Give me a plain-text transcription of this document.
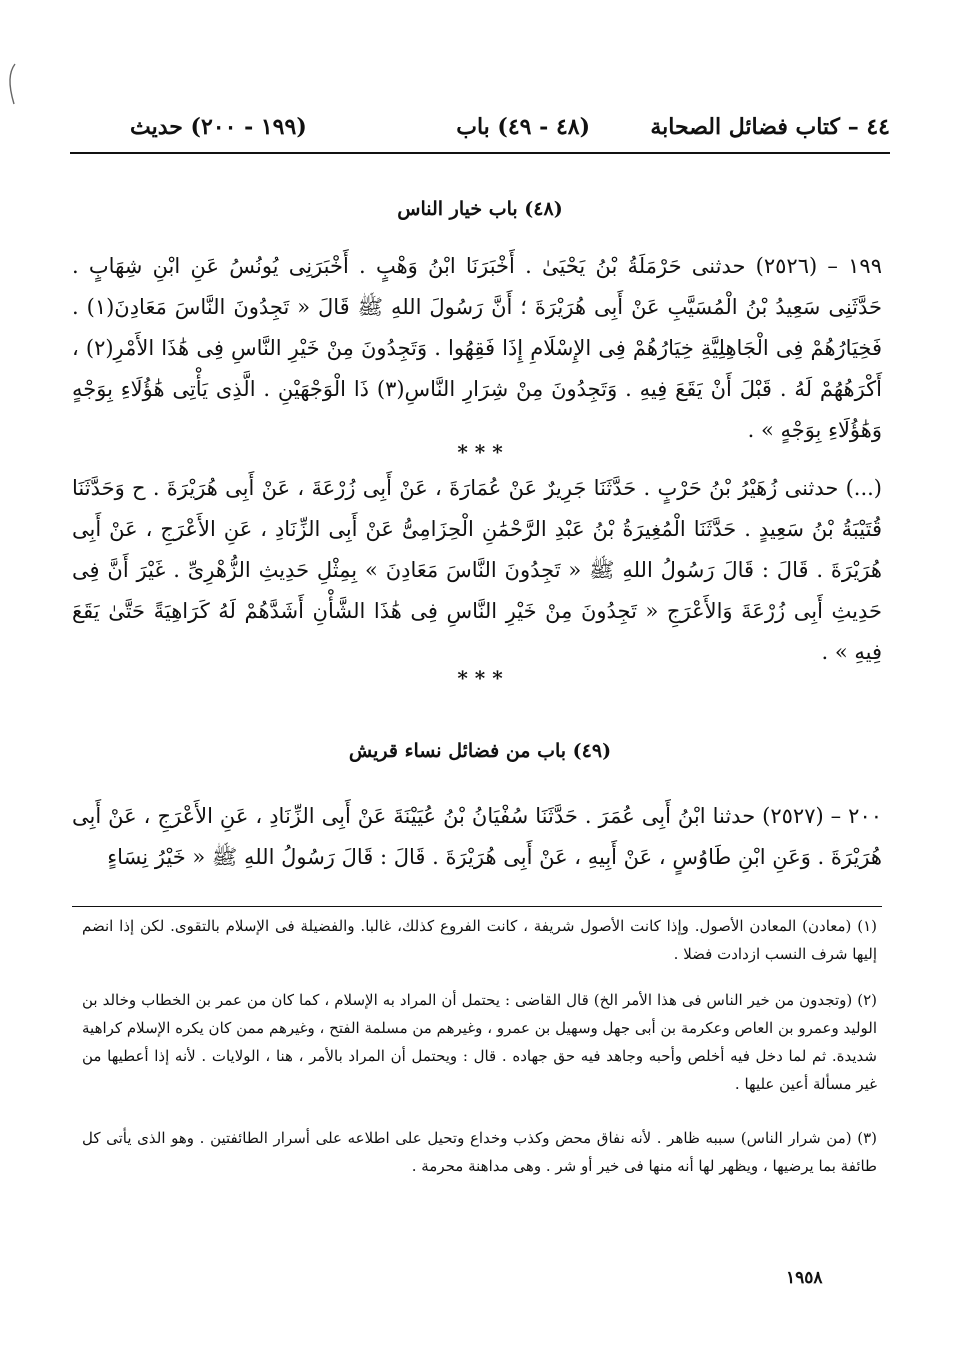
٤٤ – كتاب فضائل الصحابة
(٤٨ - ٤٩) باب
(١٩٩ - ٢٠٠) حديث
(٤٨) باب خيار الناس
١٩٩ – (٢٥٢٦) حدثنى حَرْمَلَةُ بْنُ يَحْيَىٰ . أَخْبَرَنَا ابْنُ وَهْبٍ . أَخْبَرَنِى يُونُسُ عَنِ ابْنِ شِهَابٍ . حَدَّثَنِى سَعِيدُ بْنُ الْمُسَيَّبِ عَنْ أَبِى هُرَيْرَةَ ؛ أَنَّ رَسُولَ اللهِ ﷺ قَالَ « تَجِدُونَ النَّاسَ مَعَادِنَ(١) . فَخِيَارُهُمْ فِى الْجَاهِلِيَّةِ خِيَارُهُمْ فِى الإِسْلَامِ إِذَا فَقِهُوا . وَتَجِدُونَ مِنْ خَيْرِ النَّاسِ فِى هَٰذَا الأَمْرِ(٢) ، أَكْرَهُهُمْ لَهُ . قَبْلَ أَنْ يَقَعَ فِيهِ . وَتَجِدُونَ مِنْ شِرَارِ النَّاسِ(٣) ذَا الْوَجْهَيْنِ . الَّذِى يَأْتِى هَٰؤُلَاءِ بِوَجْهٍ وَهَٰؤُلَاءِ بِوَجْهٍ » .
* * *
(...) حدثنى زُهَيْرُ بْنُ حَرْبٍ . حَدَّثَنَا جَرِيرٌ عَنْ عُمَارَةَ ، عَنْ أَبِى زُرْعَةَ ، عَنْ أَبِى هُرَيْرَةَ . ح وَحَدَّثَنَا قُتَيْبَةُ بْنُ سَعِيدٍ . حَدَّثَنَا الْمُغِيرَةُ بْنُ عَبْدِ الرَّحْمَٰنِ الْحِزَامِىُّ عَنْ أَبِى الزِّنَادِ ، عَنِ الأَعْرَجِ ، عَنْ أَبِى هُرَيْرَةَ . قَالَ : قَالَ رَسُولُ اللهِ ﷺ « تَجِدُونَ النَّاسَ مَعَادِنَ » بِمِثْلِ حَدِيثِ الزُّهْرِىِّ . غَيْرَ أَنَّ فِى حَدِيثِ أَبِى زُرْعَةَ وَالأَعْرَجِ « تَجِدُونَ مِنْ خَيْرِ النَّاسِ فِى هَٰذَا الشَّأْنِ أَشَدَّهُمْ لَهُ كَرَاهِيَةً حَتَّىٰ يَقَعَ فِيهِ » .
* * *
(٤٩) باب من فضائل نساء قريش
٢٠٠ – (٢٥٢٧) حدثنا ابْنُ أَبِى عُمَرَ . حَدَّثَنَا سُفْيَانُ بْنُ عُيَيْنَةَ عَنْ أَبِى الزِّنَادِ ، عَنِ الأَعْرَجِ ، عَنْ أَبِى هُرَيْرَةَ . وَعَنِ ابْنِ طَاوُسٍ ، عَنْ أَبِيهِ ، عَنْ أَبِى هُرَيْرَةَ . قَالَ : قَالَ رَسُولُ اللهِ ﷺ « خَيْرُ نِسَاءٍ
(١) (معادن) المعادن الأصول. وإذا كانت الأصول شريفة ، كانت الفروع كذلك، غالبا. والفضيلة فى الإسلام بالتقوى. لكن إذا انضم إليها شرف النسب ازدادت فضلا .
(٢) (وتجدون من خير الناس فى هذا الأمر الخ) قال القاضى : يحتمل أن المراد به الإسلام ، كما كان من عمر بن الخطاب وخالد بن الوليد وعمرو بن العاص وعكرمة بن أبى جهل وسهيل بن عمرو ، وغيرهم من مسلمة الفتح ، وغيرهم ممن كان يكره الإسلام كراهية شديدة. ثم لما دخل فيه أخلص وأحبه وجاهد فيه حق جهاده . قال : ويحتمل أن المراد بالأمر ، هنا ، الولايات . لأنه إذا أعطيها من غير مسألة أعين عليها .
(٣) (من شرار الناس) سببه ظاهر . لأنه نفاق محض وكذب وخداع وتحيل على اطلاعه على أسرار الطائفتين . وهو الذى يأتى كل طائفة بما يرضيها ، ويظهر لها أنه منها فى خير أو شر . وهى مداهنة محرمة .
١٩٥٨
